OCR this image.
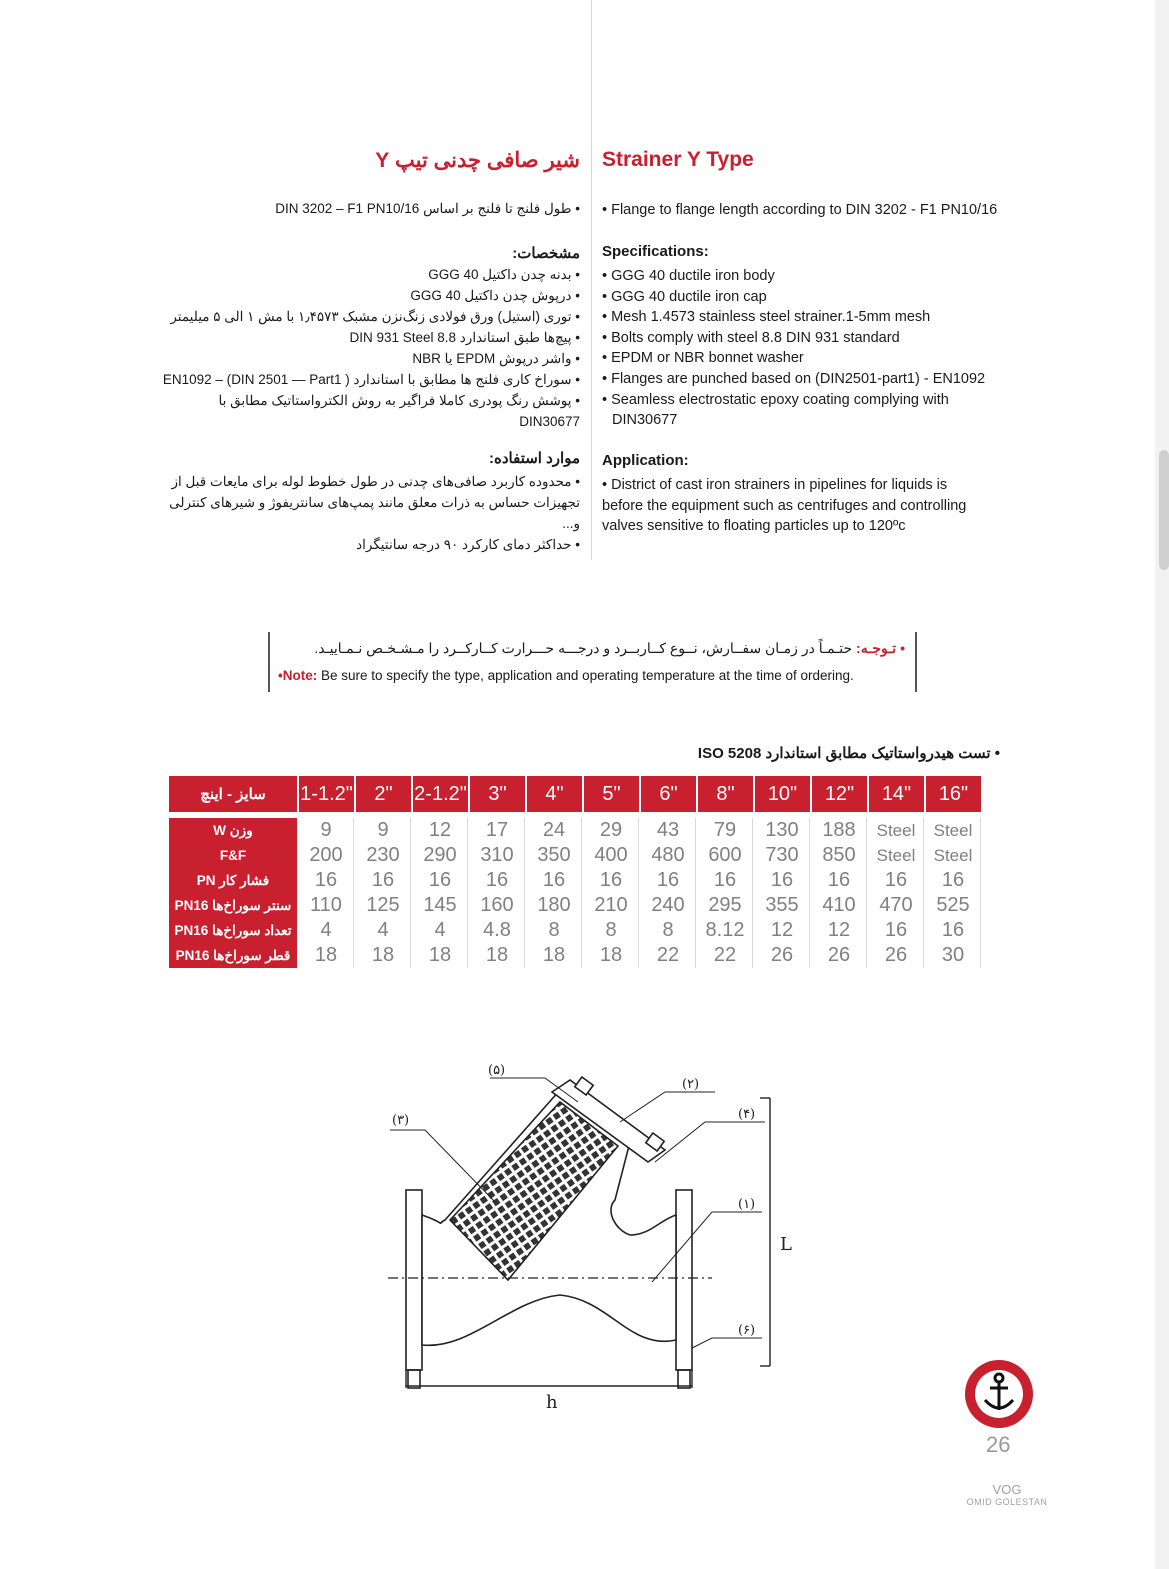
Strainer Y Type
شیر صافی چدنی تیپ Y
• Flange to flange length according to DIN 3202 - F1 PN10/16
Specifications:

• GGG 40 ductile iron body

• GGG 40 ductile iron cap

• Mesh 1.4573 stainless steel strainer.1-5mm mesh

• Bolts comply with steel 8.8 DIN 931 standard

• EPDM or NBR bonnet washer

• Flanges are punched based on (DIN2501-part1) - EN1092

• Seamless electrostatic epoxy coating complying with

DIN30677

Application:

• District of cast iron strainers in pipelines for liquids is

before the equipment such as centrifuges and controlling

valves sensitive to floating particles up to 120ºc

• طول فلنج تا فلنج بر اساس DIN 3202 – F1 PN10/16
مشخصات:

• بدنه چدن داکتیل GGG 40

• درپوش چدن داکتیل GGG 40

• توری (استیل) ورق فولادی زنگ‌نزن مشبک ۱٫۴۵۷۳ با مش ۱ الی ۵ میلیمتر

• پیچ‌ها طبق استاندارد DIN 931 Steel 8.8

• واشر درپوش EPDM یا NBR

• سوراخ کاری فلنج ها مطابق با استاندارد ( DIN 2501 — Part1) – EN1092

• پوشش رنگ پودری کاملا فراگیر به روش الکترواستاتیک مطابق با DIN30677

موارد استفاده:

• محدوده کاربرد صافی‌های چدنی در طول خطوط لوله برای مایعات قبل از

تجهیزات حساس به ذرات معلق مانند پمپ‌های سانتریفوژ و شیرهای کنترلی و...

• حداکثر دمای کارکرد ۹۰ درجه سانتیگراد

• تـوجـه: حتـمـاً در زمـان سفــارش، نــوع کــاربــرد و درجـــه حـــرارت کــارکــرد را مـشـخـص نـمـاییـد.
•Note: Be sure to specify the type, application and operating temperature at the time of ordering.
• تست هیدرواستاتیک مطابق استاندارد ISO 5208
سایز - اینچ	1-1.2"	2"	2-1.2"	3"	4"	5"	6"	8"	10"	12"	14"	16"

وزن W	9	9	12	17	24	29	43	79	130	188	Steel	Steel
F&F	200	230	290	310	350	400	480	600	730	850	Steel	Steel
فشار کار PN	16	16	16	16	16	16	16	16	16	16	16	16
سنتر سوراخ‌ها PN16	110	125	145	160	180	210	240	295	355	410	470	525
تعداد سوراخ‌ها PN16	4	4	4	4.8	8	8	8	8.12	12	12	16	16
قطر سوراخ‌ها PN16	18	18	18	18	18	18	22	22	26	26	26	30
(۵)
(۲)
(۳)	(۴)
(۱)
(۶)
L
h
26
VOG
OMID GOLESTAN
